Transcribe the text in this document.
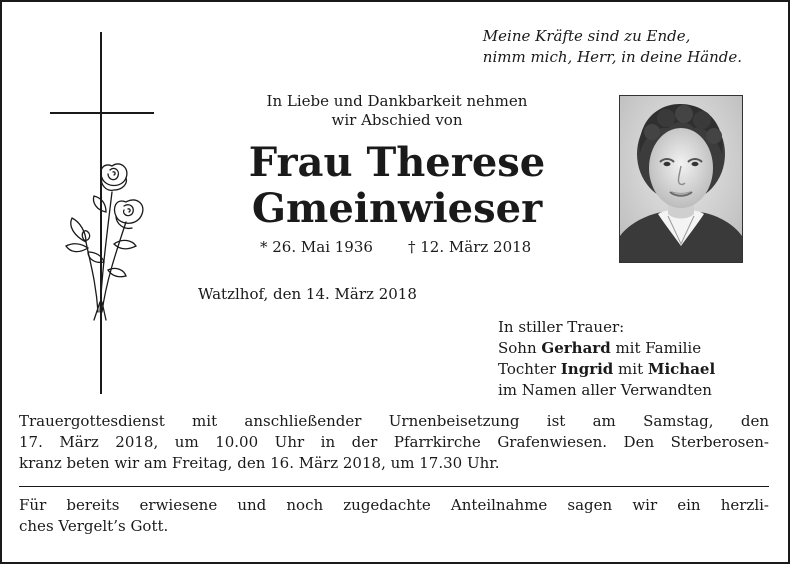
Meine Kräfte sind zu Ende,
nimm mich, Herr, in deine Hände.
In Liebe und Dankbarkeit nehmen
wir Abschied von
Frau Therese
Gmeinwieser
* 26. Mai 1936 † 12. März 2018
Watzlhof, den 14. März 2018
In stiller Trauer:
Sohn Gerhard mit Familie
Tochter Ingrid mit Michael
im Namen aller Verwandten
Trauergottesdienst mit anschließender Urnenbeisetzung ist am Samstag, den
17. März 2018, um 10.00 Uhr in der Pfarrkirche Grafenwiesen. Den Sterberosen-
kranz beten wir am Freitag, den 16. März 2018, um 17.30 Uhr.
Für bereits erwiesene und noch zugedachte Anteilnahme sagen wir ein herzli-
ches Vergelt’s Gott.
